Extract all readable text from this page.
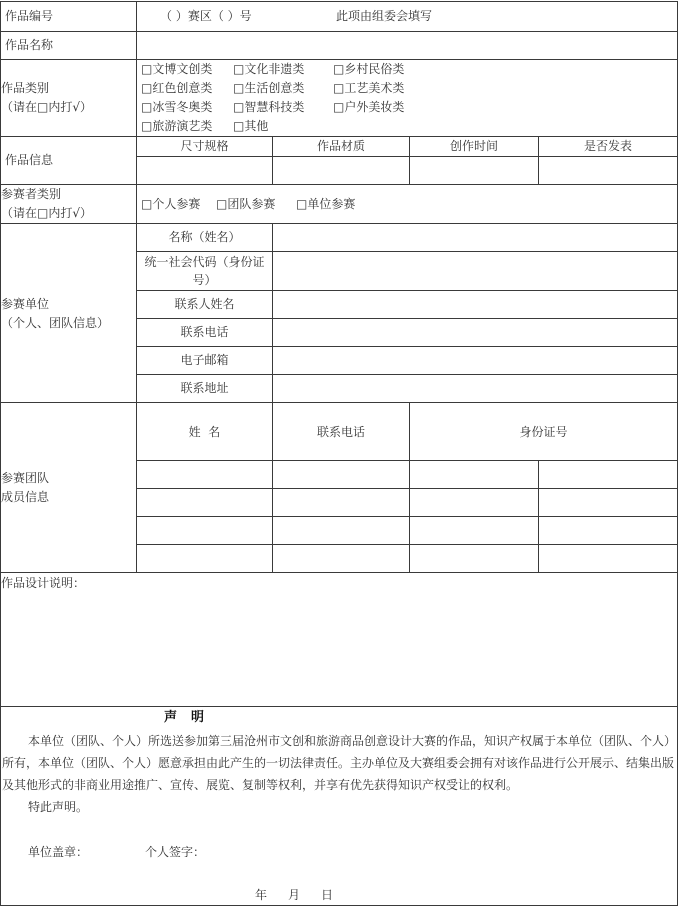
作品编号	（ ）赛区（ ）号	此项由组委会填写
作品名称
作品类别
（请在□内打√）
□文博文创类 □文化非遗类 □乡村民俗类
□红色创意类 □生活创意类 □工艺美术类
□冰雪冬奥类 □智慧科技类 □户外美妆类
□旅游演艺类 □其他
作品信息
尺寸规格	作品材质	创作时间	是否发表
参赛者类别
（请在□内打√）
□个人参赛 □团队参赛 □单位参赛
参赛单位
（个人、团队信息）
名称（姓名）
统一社会代码（身份证
号）
联系人姓名
联系电话
电子邮箱
联系地址
参赛团队
成员信息
姓  名	联系电话	身份证号
作品设计说明：
声明
本单位（团队、个人）所选送参加第三届沧州市文创和旅游商品创意设计大赛的作品，知识产权属于本单位（团队、个人）所有，本单位（团队、个人）愿意承担由此产生的一切法律责任。主办单位及大赛组委会拥有对该作品进行公开展示、结集出版及其他形式的非商业用途推广、宣传、展览、复制等权利，并享有优先获得知识产权受让的权利。
特此声明。
单位盖章：	个人签字：
年 月 日
